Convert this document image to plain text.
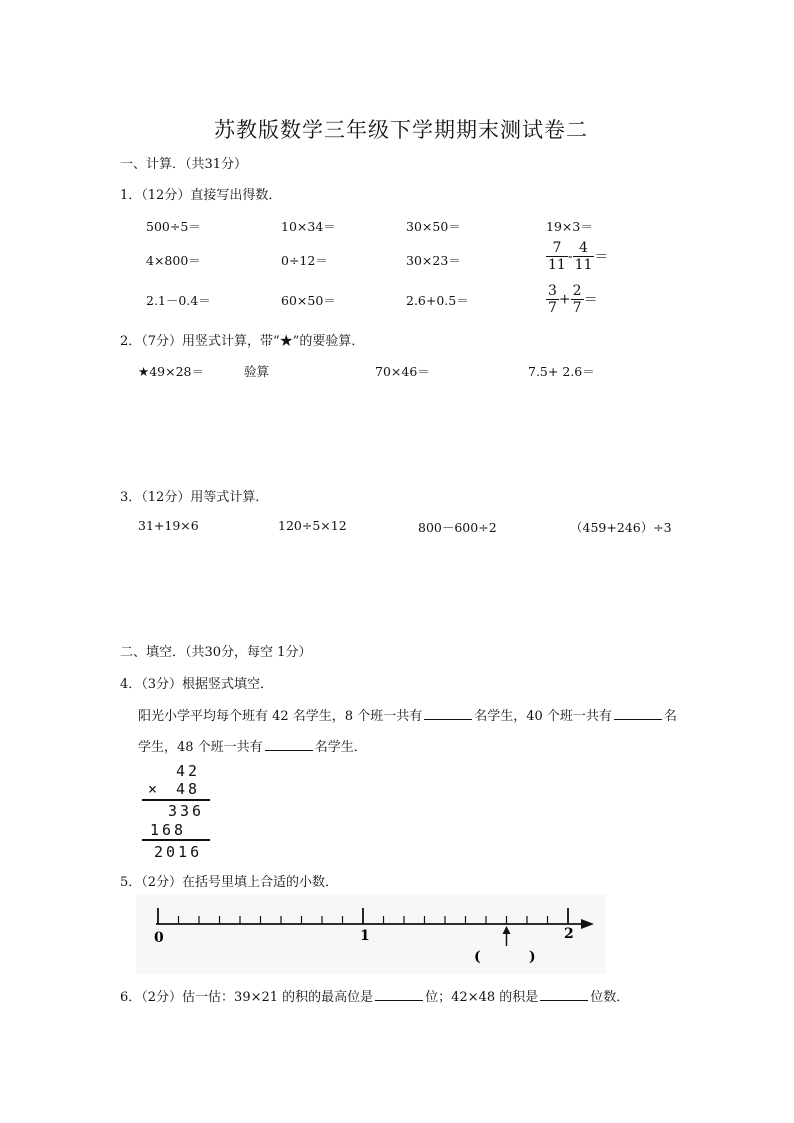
苏教版数学三年级下学期期末测试卷二
一、计算．（共31分）
1．（12分）直接写出得数．
500÷5＝	10×34＝	30×50＝	19×3＝
4×800＝	0÷12＝	30×23＝	$\frac{7}{11} - \frac{4}{11}$ ＝
2.1－0.4＝	60×50＝	2.6+0.5＝	$\frac{3}{7} + \frac{2}{7}$ ＝
2．（7分）用竖式计算，带“★”的要验算．
★49×28＝	验算	70×46＝	7.5+ 2.6＝
3．（12分）用等式计算．
31+19×6	120÷5×12	800－600÷2	（459+246）÷3
二、填空．（共30分，每空 1分）
4．（3分）根据竖式填空．
阳光小学平均每个班有 42 名学生，8 个班一共有	名学生，40 个班一共有	名
学生，48 个班一共有	名学生．
42
× 48
336
168
2016
5．（2分）在括号里填上合适的小数．
0	1	2
(	)
6．（2分）估一估：39×21 的积的最高位是	位；42×48 的积是	位数．
